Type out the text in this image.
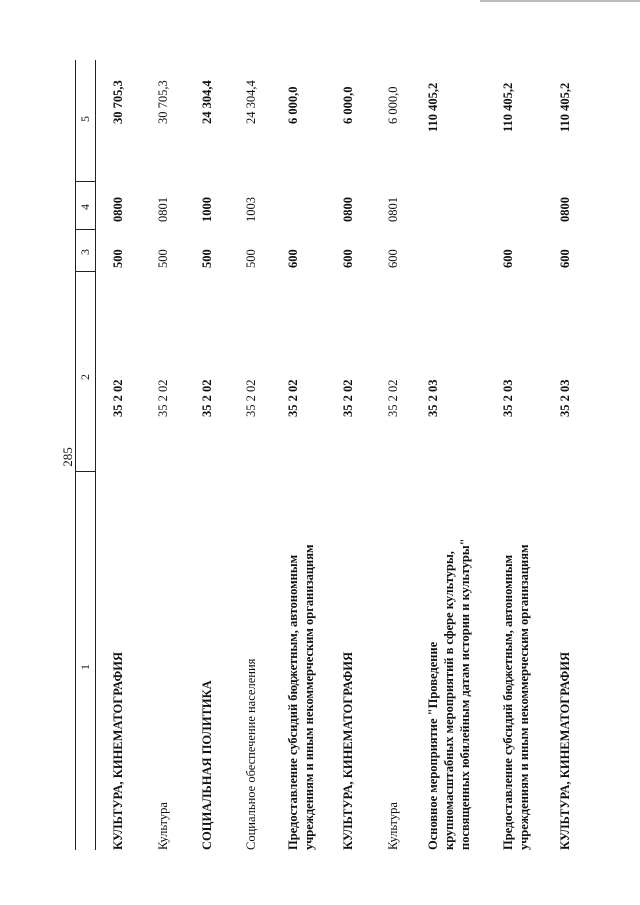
285
1
2
3
4
5
КУЛЬТУРА, КИНЕМАТОГРАФИЯ
35 2 02
500
0800
30 705,3
Культура
35 2 02
500
0801
30 705,3
СОЦИАЛЬНАЯ ПОЛИТИКА
35 2 02
500
1000
24 304,4
Социальное обеспечение населения
35 2 02
500
1003
24 304,4
Предоставление субсидий бюджетным, автономным учреждениям и иным некоммерческим организациям
35 2 02
600
6 000,0
КУЛЬТУРА, КИНЕМАТОГРАФИЯ
35 2 02
600
0800
6 000,0
Культура
35 2 02
600
0801
6 000,0
Основное мероприятие "Проведение крупномасштабных мероприятий в сфере культуры, посвященных юбилейным датам истории и культуры"
35 2 03
110 405,2
Предоставление субсидий бюджетным, автономным учреждениям и иным некоммерческим организациям
35 2 03
600
110 405,2
КУЛЬТУРА, КИНЕМАТОГРАФИЯ
35 2 03
600
0800
110 405,2
